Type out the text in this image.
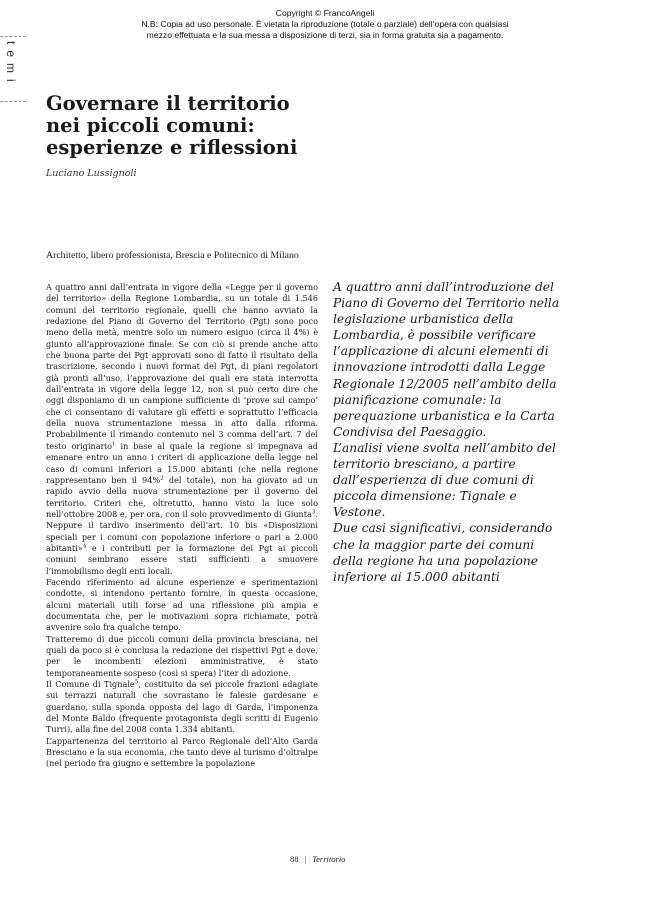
Copyright © FrancoAngeli
N.B: Copia ad uso personale. È vietata la riproduzione (totale o parziale) dell’opera con qualsiasi
mezzo effettuata e la sua messa a disposizione di terzi, sia in forma gratuita sia a pagamento.
temi
Governare il territorio
nei piccoli comuni:
esperienze e riflessioni
Luciano Lussignoli
Architetto, libero professionista, Brescia e Politecnico di Milano

A quattro anni dall’entrata in vigore della «Legge per il governo del territorio» della Regione Lombardia, su un totale di 1.546 comuni del territorio regionale, quelli che hanno avviato la redazione del Piano di Governo del Territorio (Pgt) sono poco meno della metà, mentre solo un numero esiguo (circa il 4%) è giunto all’approvazione finale. Se con ciò si prende anche atto che buona parte dei Pgt approvati sono di fatto il risultato della trascrizione, secondo i nuovi format del Pgt, di piani regolatori già pronti all’uso, l’approvazione dei quali era stata interrotta dall’entrata in vigore della legge 12, non si può certo dire che oggi disponiamo di un campione sufficiente di ‘prove sul campo’ che ci consentano di valutare gli effetti e soprattutto l’efficacia della nuova strumentazione messa in atto dalla riforma. Probabilmente il rimando contenuto nel 3 comma dell’art. 7 del testo originario$^1$ in base al quale la regione si impegnava ad emanare entro un anno i criteri di applicazione della legge nel caso di comuni inferiori a 15.000 abitanti (che nella regione rappresentano ben il 94%$^2$ del totale), non ha giovato ad un rapido avvio della nuova strumentazione per il governo del territorio. Criteri che, oltretutto, hanno visto la luce solo nell’ottobre 2008 e, per ora, con il solo provvedimento di Giunta$^3$. Neppure il tardivo inserimento dell’art. 10 bis «Disposizioni speciali per i comuni con popolazione inferiore o pari a 2.000 abitanti»$^4$ e i contributi per la formazione dei Pgt ai piccoli comuni sembrano essere stati sufficienti a smuovere l’immobilismo degli enti locali.

Facendo riferimento ad alcune esperienze e sperimentazioni condotte, si intendono pertanto fornire, in questa occasione, alcuni materiali utili forse ad una riflessione più ampia e documentata che, per le motivazioni sopra richiamate, potrà avvenire solo fra qualche tempo.

Tratteremo di due piccoli comuni della provincia bresciana, nei quali da poco si è conclusa la redazione dei rispettivi Pgt e dove, per le incombenti elezioni amministrative, è stato temporaneamente sospeso (così si spera) l’iter di adozione.

Il Comune di Tignale$^5$, costituito da sei piccole frazioni adagiate sui terrazzi naturali che sovrastano le falesie gardesane e guardano, sulla sponda opposta del lago di Garda, l’imponenza del Monte Baldo (frequente protagonista degli scritti di Eugenio Turri), alla fine del 2008 conta 1.334 abitanti.

L’appartenenza del territorio al Parco Regionale dell’Alto Garda Bresciano e la sua economia, che tanto deve al turismo d’oltralpe (nel periodo fra giugno e settembre la popolazione

A quattro anni dall’introduzione del
Piano di Governo del Territorio nella
legislazione urbanistica della
Lombardia, è possibile verificare
l’applicazione di alcuni elementi di
innovazione introdotti dalla Legge
Regionale 12/2005 nell’ambito della
pianificazione comunale: la
perequazione urbanistica e la Carta
Condivisa del Paesaggio.

L’analisi viene svolta nell’ambito del
territorio bresciano, a partire
dall’esperienza di due comuni di
piccola dimensione: Tignale e
Vestone.

Due casi significativi, considerando
che la maggior parte dei comuni
della regione ha una popolazione
inferiore ai 15.000 abitanti

88 | Territorio
